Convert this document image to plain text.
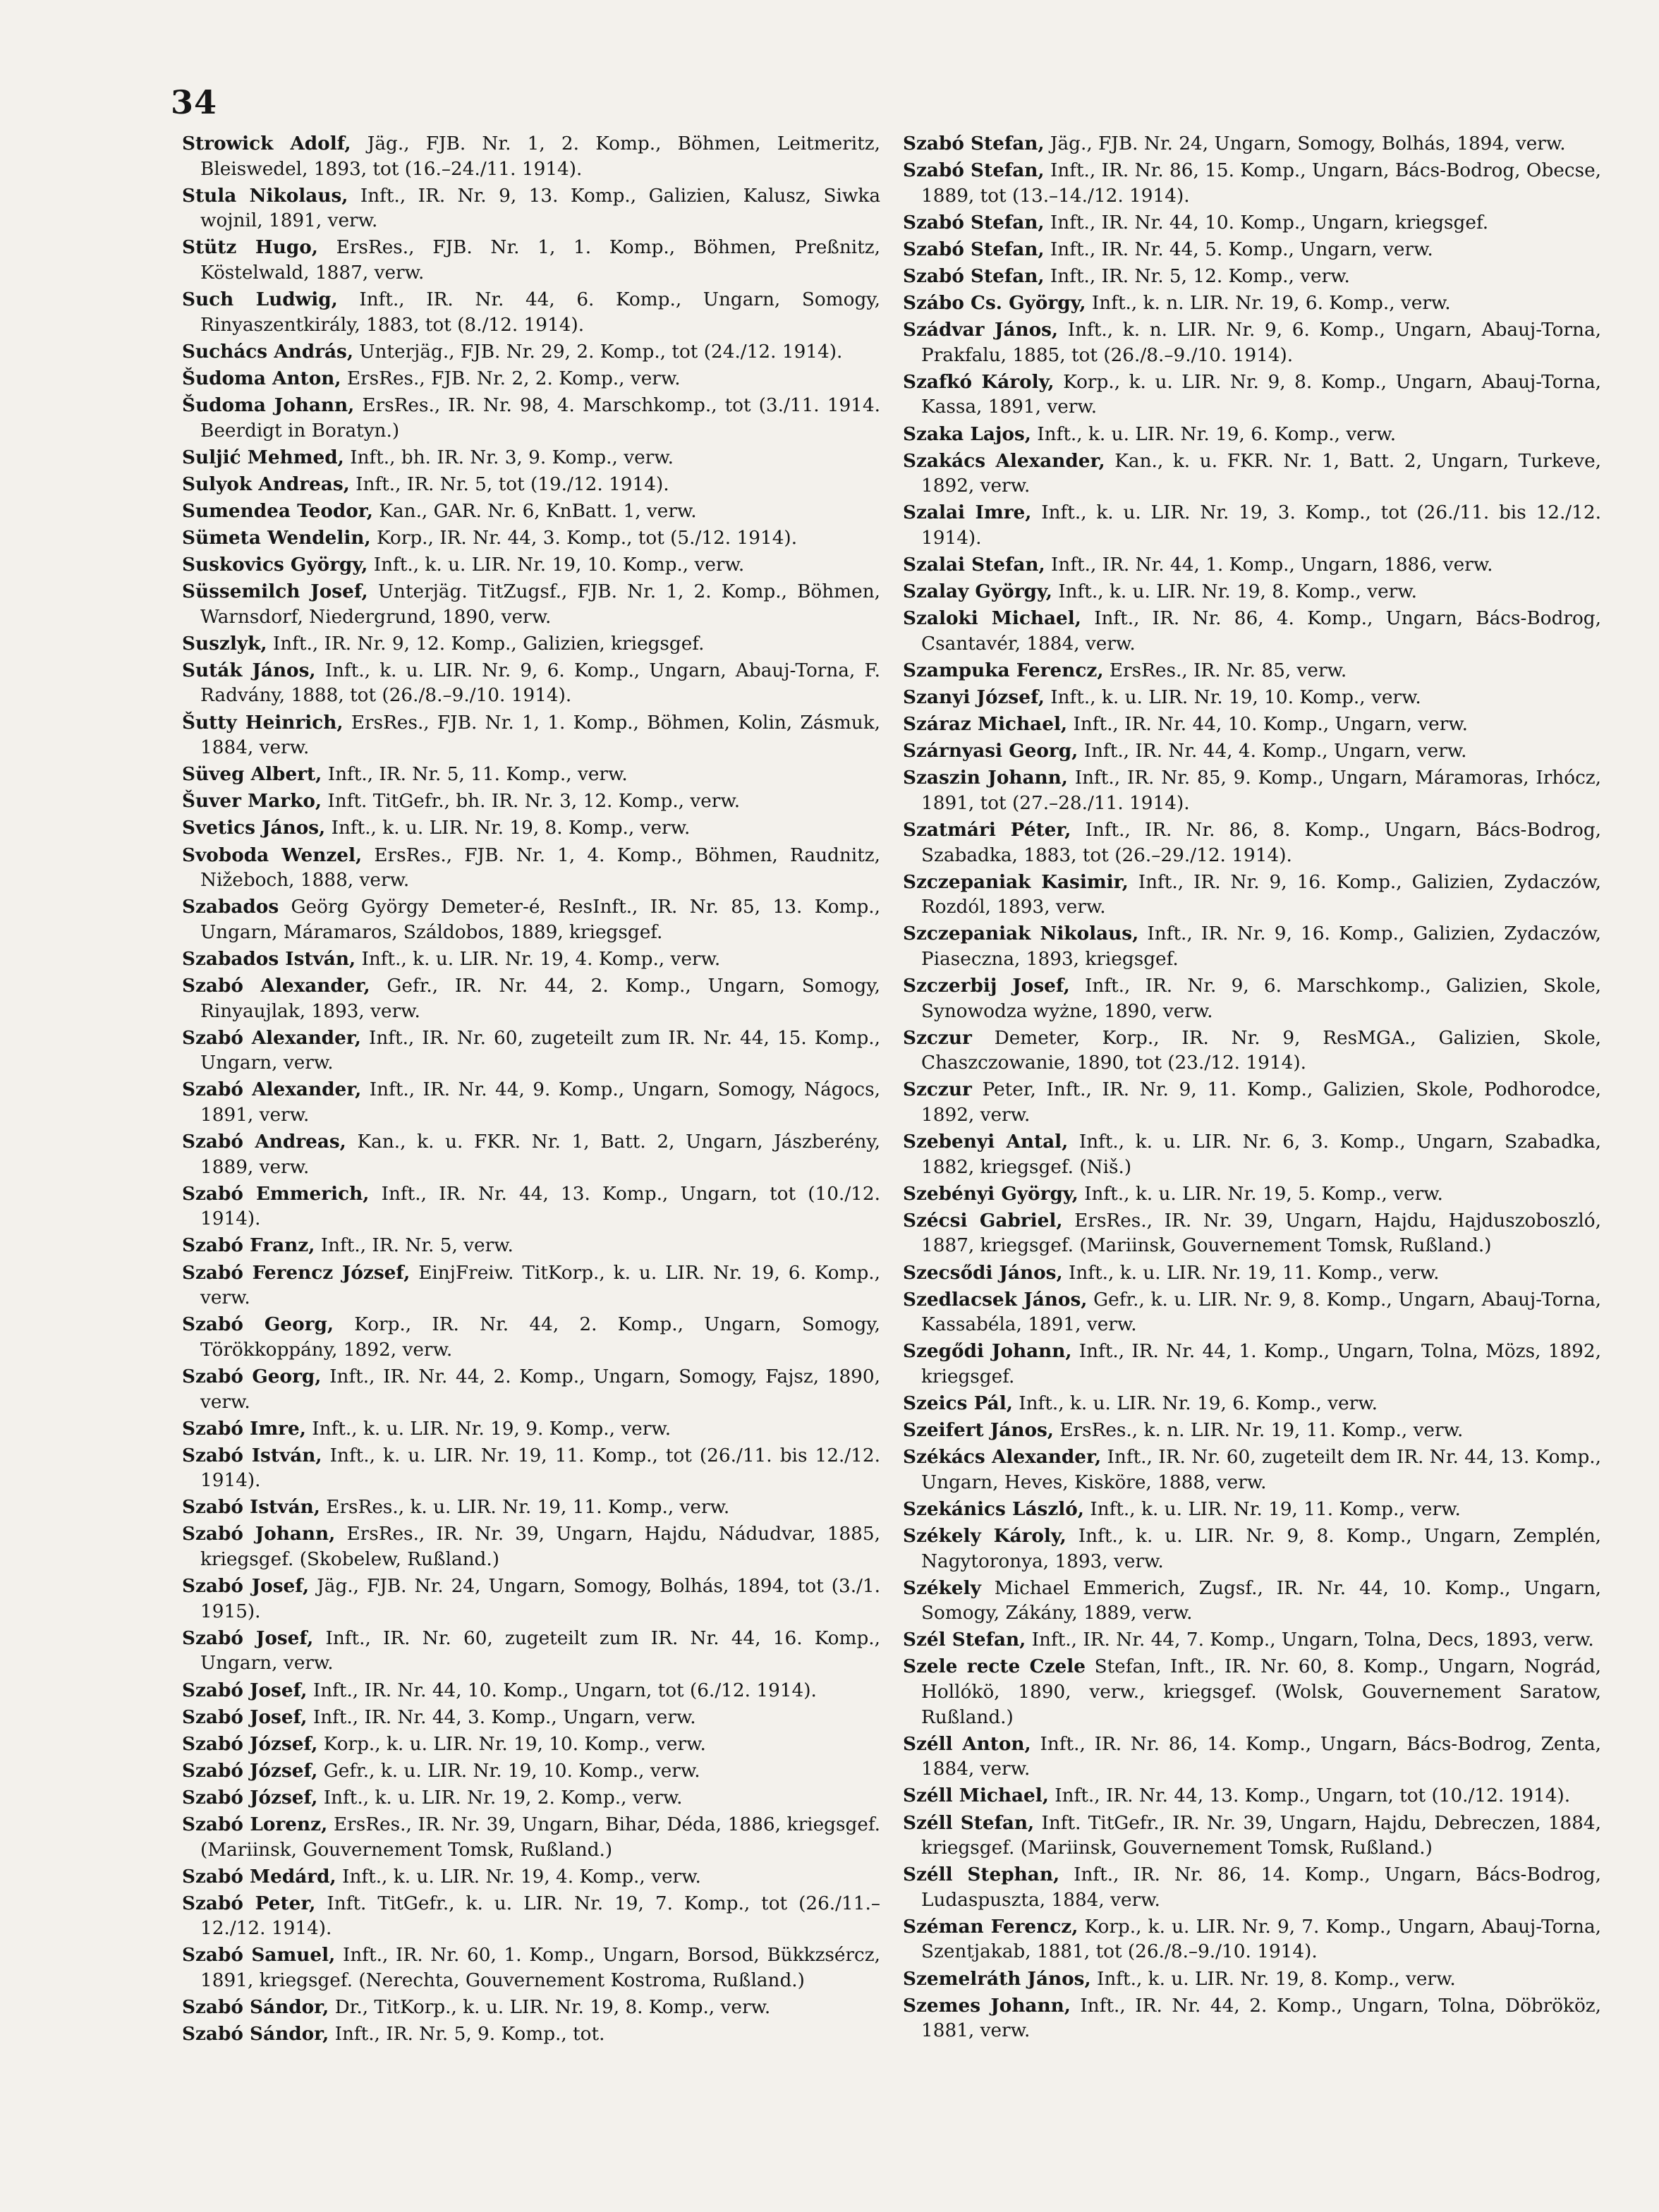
34

Strowick Adolf, Jäg., FJB. Nr. 1, 2. Komp., Böhmen, Leitmeritz, Bleiswedel, 1893, tot (16.–24./11. 1914).

Stula Nikolaus, Inft., IR. Nr. 9, 13. Komp., Galizien, Kalusz, Siwka wojnil, 1891, verw.

Stütz Hugo, ErsRes., FJB. Nr. 1, 1. Komp., Böhmen, Preßnitz, Köstelwald, 1887, verw.

Such Ludwig, Inft., IR. Nr. 44, 6. Komp., Ungarn, Somogy, Rinyaszentkirály, 1883, tot (8./12. 1914).

Suchács András, Unterjäg., FJB. Nr. 29, 2. Komp., tot (24./12. 1914).

Šudoma Anton, ErsRes., FJB. Nr. 2, 2. Komp., verw.

Šudoma Johann, ErsRes., IR. Nr. 98, 4. Marschkomp., tot (3./11. 1914. Beerdigt in Boratyn.)

Suljić Mehmed, Inft., bh. IR. Nr. 3, 9. Komp., verw.

Sulyok Andreas, Inft., IR. Nr. 5, tot (19./12. 1914).

Sumendea Teodor, Kan., GAR. Nr. 6, KnBatt. 1, verw.

Sümeta Wendelin, Korp., IR. Nr. 44, 3. Komp., tot (5./12. 1914).

Suskovics György, Inft., k. u. LIR. Nr. 19, 10. Komp., verw.

Süssemilch Josef, Unterjäg. TitZugsf., FJB. Nr. 1, 2. Komp., Böhmen, Warnsdorf, Niedergrund, 1890, verw.

Suszlyk, Inft., IR. Nr. 9, 12. Komp., Galizien, kriegsgef.

Suták János, Inft., k. u. LIR. Nr. 9, 6. Komp., Ungarn, Abauj-Torna, F. Radvány, 1888, tot (26./8.–9./10. 1914).

Šutty Heinrich, ErsRes., FJB. Nr. 1, 1. Komp., Böhmen, Kolin, Zásmuk, 1884, verw.

Süveg Albert, Inft., IR. Nr. 5, 11. Komp., verw.

Šuver Marko, Inft. TitGefr., bh. IR. Nr. 3, 12. Komp., verw.

Svetics János, Inft., k. u. LIR. Nr. 19, 8. Komp., verw.

Svoboda Wenzel, ErsRes., FJB. Nr. 1, 4. Komp., Böhmen, Raudnitz, Nižeboch, 1888, verw.

Szabados Geörg György Demeter-é, ResInft., IR. Nr. 85, 13. Komp., Ungarn, Máramaros, Száldobos, 1889, kriegsgef.

Szabados István, Inft., k. u. LIR. Nr. 19, 4. Komp., verw.

Szabó Alexander, Gefr., IR. Nr. 44, 2. Komp., Ungarn, Somogy, Rinyaujlak, 1893, verw.

Szabó Alexander, Inft., IR. Nr. 60, zugeteilt zum IR. Nr. 44, 15. Komp., Ungarn, verw.

Szabó Alexander, Inft., IR. Nr. 44, 9. Komp., Ungarn, Somogy, Nágocs, 1891, verw.

Szabó Andreas, Kan., k. u. FKR. Nr. 1, Batt. 2, Ungarn, Jászberény, 1889, verw.

Szabó Emmerich, Inft., IR. Nr. 44, 13. Komp., Ungarn, tot (10./12. 1914).

Szabó Franz, Inft., IR. Nr. 5, verw.

Szabó Ferencz József, EinjFreiw. TitKorp., k. u. LIR. Nr. 19, 6. Komp., verw.

Szabó Georg, Korp., IR. Nr. 44, 2. Komp., Ungarn, Somogy, Törökkoppány, 1892, verw.

Szabó Georg, Inft., IR. Nr. 44, 2. Komp., Ungarn, Somogy, Fajsz, 1890, verw.

Szabó Imre, Inft., k. u. LIR. Nr. 19, 9. Komp., verw.

Szabó István, Inft., k. u. LIR. Nr. 19, 11. Komp., tot (26./11. bis 12./12. 1914).

Szabó István, ErsRes., k. u. LIR. Nr. 19, 11. Komp., verw.

Szabó Johann, ErsRes., IR. Nr. 39, Ungarn, Hajdu, Nádudvar, 1885, kriegsgef. (Skobelew, Rußland.)

Szabó Josef, Jäg., FJB. Nr. 24, Ungarn, Somogy, Bolhás, 1894, tot (3./1. 1915).

Szabó Josef, Inft., IR. Nr. 60, zugeteilt zum IR. Nr. 44, 16. Komp., Ungarn, verw.

Szabó Josef, Inft., IR. Nr. 44, 10. Komp., Ungarn, tot (6./12. 1914).

Szabó Josef, Inft., IR. Nr. 44, 3. Komp., Ungarn, verw.

Szabó József, Korp., k. u. LIR. Nr. 19, 10. Komp., verw.

Szabó József, Gefr., k. u. LIR. Nr. 19, 10. Komp., verw.

Szabó József, Inft., k. u. LIR. Nr. 19, 2. Komp., verw.

Szabó Lorenz, ErsRes., IR. Nr. 39, Ungarn, Bihar, Déda, 1886, kriegsgef. (Mariinsk, Gouvernement Tomsk, Rußland.)

Szabó Medárd, Inft., k. u. LIR. Nr. 19, 4. Komp., verw.

Szabó Peter, Inft. TitGefr., k. u. LIR. Nr. 19, 7. Komp., tot (26./11.–12./12. 1914).

Szabó Samuel, Inft., IR. Nr. 60, 1. Komp., Ungarn, Borsod, Bükkzsércz, 1891, kriegsgef. (Nerechta, Gouvernement Kostroma, Rußland.)

Szabó Sándor, Dr., TitKorp., k. u. LIR. Nr. 19, 8. Komp., verw.

Szabó Sándor, Inft., IR. Nr. 5, 9. Komp., tot.

Szabó Stefan, Jäg., FJB. Nr. 24, Ungarn, Somogy, Bolhás, 1894, verw.

Szabó Stefan, Inft., IR. Nr. 86, 15. Komp., Ungarn, Bács-Bodrog, Obecse, 1889, tot (13.–14./12. 1914).

Szabó Stefan, Inft., IR. Nr. 44, 10. Komp., Ungarn, kriegsgef.

Szabó Stefan, Inft., IR. Nr. 44, 5. Komp., Ungarn, verw.

Szabó Stefan, Inft., IR. Nr. 5, 12. Komp., verw.

Szábo Cs. György, Inft., k. n. LIR. Nr. 19, 6. Komp., verw.

Szádvar János, Inft., k. n. LIR. Nr. 9, 6. Komp., Ungarn, Abauj-Torna, Prakfalu, 1885, tot (26./8.–9./10. 1914).

Szafkó Károly, Korp., k. u. LIR. Nr. 9, 8. Komp., Ungarn, Abauj-Torna, Kassa, 1891, verw.

Szaka Lajos, Inft., k. u. LIR. Nr. 19, 6. Komp., verw.

Szakács Alexander, Kan., k. u. FKR. Nr. 1, Batt. 2, Ungarn, Turkeve, 1892, verw.

Szalai Imre, Inft., k. u. LIR. Nr. 19, 3. Komp., tot (26./11. bis 12./12. 1914).

Szalai Stefan, Inft., IR. Nr. 44, 1. Komp., Ungarn, 1886, verw.

Szalay György, Inft., k. u. LIR. Nr. 19, 8. Komp., verw.

Szaloki Michael, Inft., IR. Nr. 86, 4. Komp., Ungarn, Bács-Bodrog, Csantavér, 1884, verw.

Szampuka Ferencz, ErsRes., IR. Nr. 85, verw.

Szanyi József, Inft., k. u. LIR. Nr. 19, 10. Komp., verw.

Száraz Michael, Inft., IR. Nr. 44, 10. Komp., Ungarn, verw.

Szárnyasi Georg, Inft., IR. Nr. 44, 4. Komp., Ungarn, verw.

Szaszin Johann, Inft., IR. Nr. 85, 9. Komp., Ungarn, Máramoras, Irhócz, 1891, tot (27.–28./11. 1914).

Szatmári Péter, Inft., IR. Nr. 86, 8. Komp., Ungarn, Bács-Bodrog, Szabadka, 1883, tot (26.–29./12. 1914).

Szczepaniak Kasimir, Inft., IR. Nr. 9, 16. Komp., Galizien, Zydaczów, Rozdól, 1893, verw.

Szczepaniak Nikolaus, Inft., IR. Nr. 9, 16. Komp., Galizien, Zydaczów, Piaseczna, 1893, kriegsgef.

Szczerbij Josef, Inft., IR. Nr. 9, 6. Marschkomp., Galizien, Skole, Synowodza wyżne, 1890, verw.

Szczur Demeter, Korp., IR. Nr. 9, ResMGA., Galizien, Skole, Chaszczowanie, 1890, tot (23./12. 1914).

Szczur Peter, Inft., IR. Nr. 9, 11. Komp., Galizien, Skole, Podhorodce, 1892, verw.

Szebenyi Antal, Inft., k. u. LIR. Nr. 6, 3. Komp., Ungarn, Szabadka, 1882, kriegsgef. (Niš.)

Szebényi György, Inft., k. u. LIR. Nr. 19, 5. Komp., verw.

Szécsi Gabriel, ErsRes., IR. Nr. 39, Ungarn, Hajdu, Hajduszoboszló, 1887, kriegsgef. (Mariinsk, Gouvernement Tomsk, Rußland.)

Szecsődi János, Inft., k. u. LIR. Nr. 19, 11. Komp., verw.

Szedlacsek János, Gefr., k. u. LIR. Nr. 9, 8. Komp., Ungarn, Abauj-Torna, Kassabéla, 1891, verw.

Szegődi Johann, Inft., IR. Nr. 44, 1. Komp., Ungarn, Tolna, Mözs, 1892, kriegsgef.

Szeics Pál, Inft., k. u. LIR. Nr. 19, 6. Komp., verw.

Szeifert János, ErsRes., k. n. LIR. Nr. 19, 11. Komp., verw.

Székács Alexander, Inft., IR. Nr. 60, zugeteilt dem IR. Nr. 44, 13. Komp., Ungarn, Heves, Kisköre, 1888, verw.

Szekánics László, Inft., k. u. LIR. Nr. 19, 11. Komp., verw.

Székely Károly, Inft., k. u. LIR. Nr. 9, 8. Komp., Ungarn, Zemplén, Nagytoronya, 1893, verw.

Székely Michael Emmerich, Zugsf., IR. Nr. 44, 10. Komp., Ungarn, Somogy, Zákány, 1889, verw.

Szél Stefan, Inft., IR. Nr. 44, 7. Komp., Ungarn, Tolna, Decs, 1893, verw.

Szele recte Czele Stefan, Inft., IR. Nr. 60, 8. Komp., Ungarn, Nográd, Hollókö, 1890, verw., kriegsgef. (Wolsk, Gouvernement Saratow, Rußland.)

Széll Anton, Inft., IR. Nr. 86, 14. Komp., Ungarn, Bács-Bodrog, Zenta, 1884, verw.

Széll Michael, Inft., IR. Nr. 44, 13. Komp., Ungarn, tot (10./12. 1914).

Széll Stefan, Inft. TitGefr., IR. Nr. 39, Ungarn, Hajdu, Debreczen, 1884, kriegsgef. (Mariinsk, Gouvernement Tomsk, Rußland.)

Széll Stephan, Inft., IR. Nr. 86, 14. Komp., Ungarn, Bács-Bodrog, Ludaspuszta, 1884, verw.

Széman Ferencz, Korp., k. u. LIR. Nr. 9, 7. Komp., Ungarn, Abauj-Torna, Szentjakab, 1881, tot (26./8.–9./10. 1914).

Szemelráth János, Inft., k. u. LIR. Nr. 19, 8. Komp., verw.

Szemes Johann, Inft., IR. Nr. 44, 2. Komp., Ungarn, Tolna, Döbrököz, 1881, verw.
